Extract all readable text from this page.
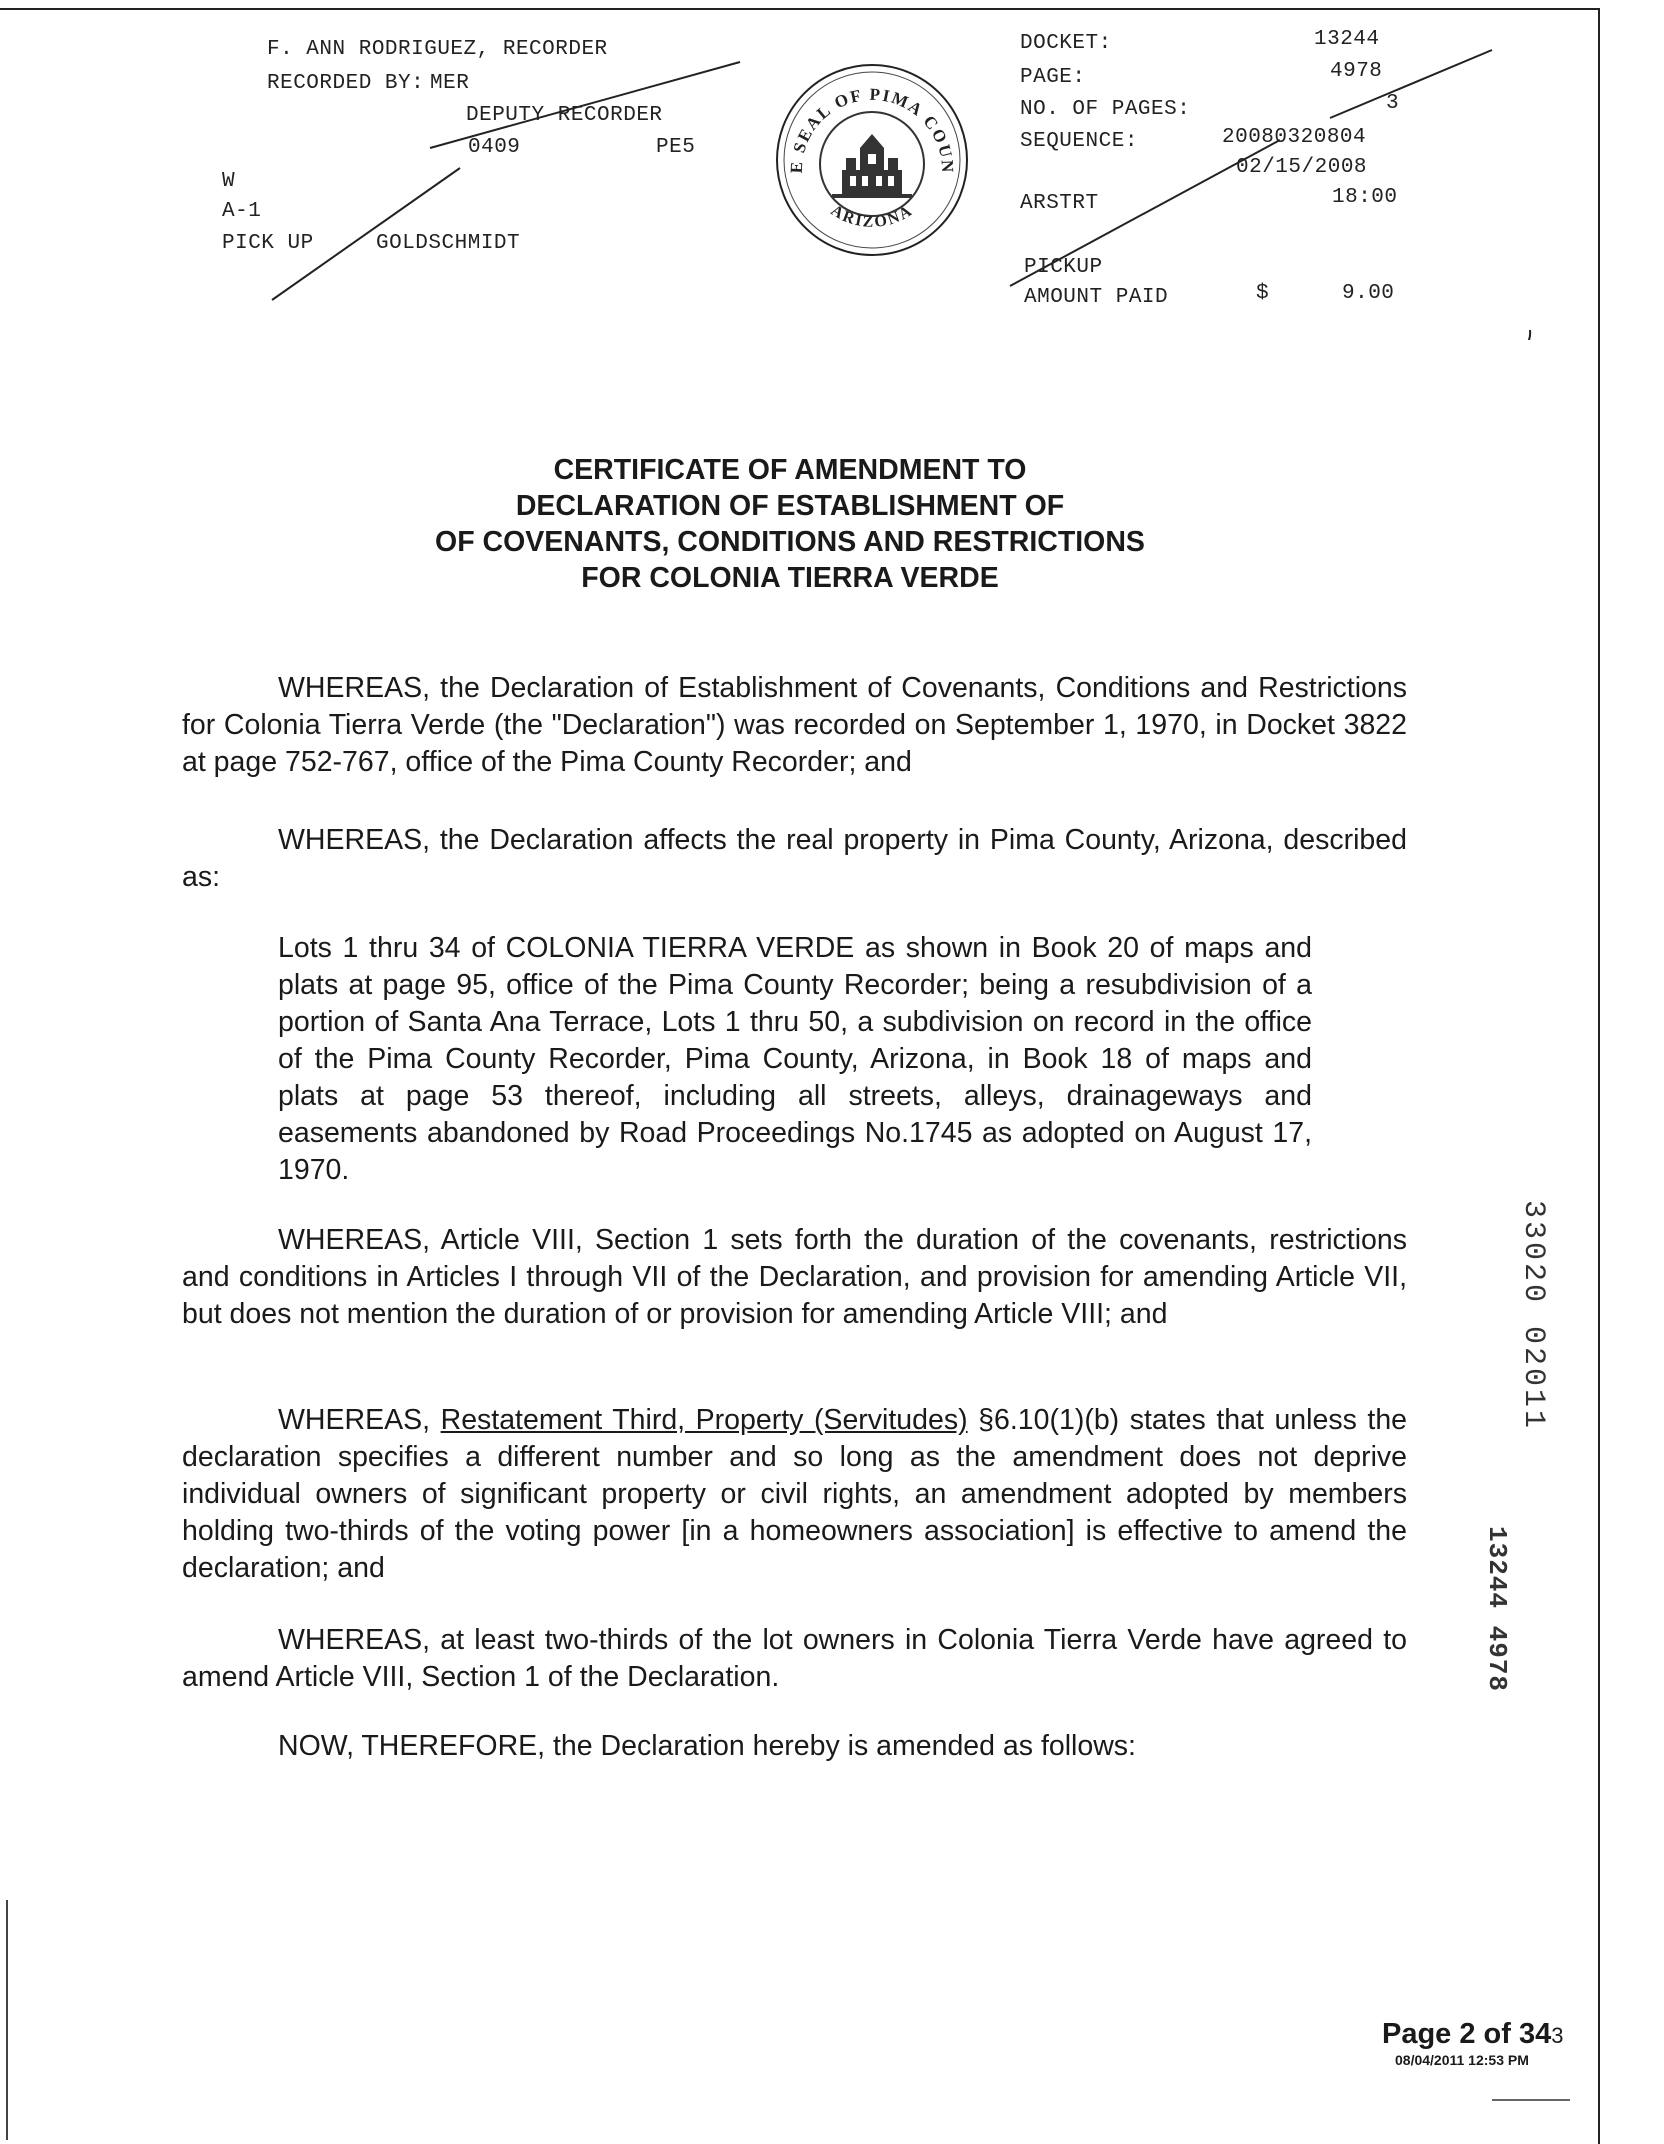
F. ANN RODRIGUEZ, RECORDER
RECORDED BY: MER
DEPUTY RECORDER
0409	PE5
W
A-1
PICK UP	GOLDSCHMIDT
E SEAL OF PIMA COUN
ARIZONA
DOCKET:	13244
PAGE:	4978
NO. OF PAGES:	3
SEQUENCE:	20080320804
02/15/2008
ARSTRT	18:00
PICKUP
AMOUNT PAID	$	9.00
CERTIFICATE OF AMENDMENT TO
DECLARATION OF ESTABLISHMENT OF
OF COVENANTS, CONDITIONS AND RESTRICTIONS
FOR COLONIA TIERRA VERDE
WHEREAS, the Declaration of Establishment of Covenants, Conditions and Restrictions for Colonia Tierra Verde (the "Declaration") was recorded on September 1, 1970, in Docket 3822 at page 752-767, office of the Pima County Recorder; and
WHEREAS, the Declaration affects the real property in Pima County, Arizona, described as:
Lots 1 thru 34 of COLONIA TIERRA VERDE as shown in Book 20 of maps and plats at page 95, office of the Pima County Recorder; being a resubdivision of a portion of Santa Ana Terrace, Lots 1 thru 50, a subdivision on record in the office of the Pima County Recorder, Pima County, Arizona, in Book 18 of maps and plats at page 53 thereof, including all streets, alleys, drainageways and easements abandoned by Road Proceedings No.1745 as adopted on August 17, 1970.
WHEREAS, Article VIII, Section 1 sets forth the duration of the covenants, restrictions and conditions in Articles I through VII of the Declaration, and provision for amending Article VII, but does not mention the duration of or provision for amending Article VIII; and
WHEREAS, Restatement Third, Property (Servitudes) §6.10(1)(b) states that unless the declaration specifies a different number and so long as the amendment does not deprive individual owners of significant property or civil rights, an amendment adopted by members holding two-thirds of the voting power [in a homeowners association] is effective to amend the declaration; and
WHEREAS, at least two-thirds of the lot owners in Colonia Tierra Verde have agreed to amend Article VIII, Section 1 of the Declaration.
NOW, THEREFORE, the Declaration hereby is amended as follows:
33020 02011
13244 4978
Page 2 of 343
08/04/2011 12:53 PM
